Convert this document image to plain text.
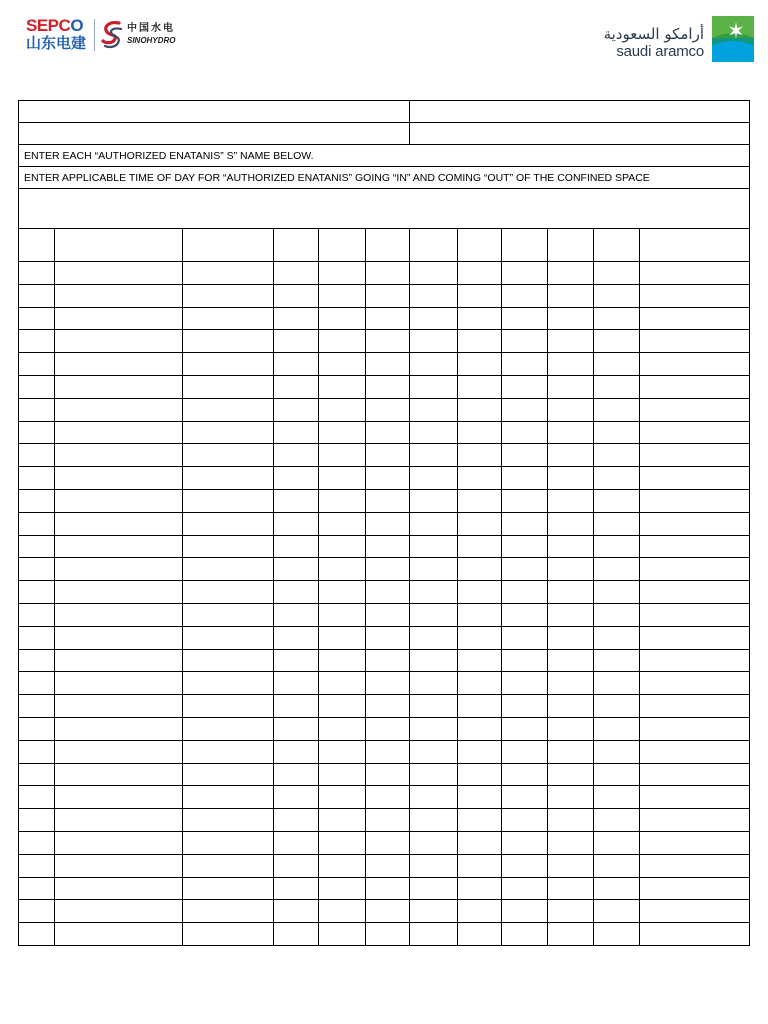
SEPCO
山东电建
中国水电
SINOHYDRO	أرامكو السعودية
saudi aramco

ENTER EACH “AUTHORIZED ENATANIS” S” NAME BELOW.											
ENTER APPLICABLE TIME OF DAY FOR “AUTHORIZED ENATANIS” GOING “IN” AND COMING “OUT” OF THE CONFINED SPACE											
